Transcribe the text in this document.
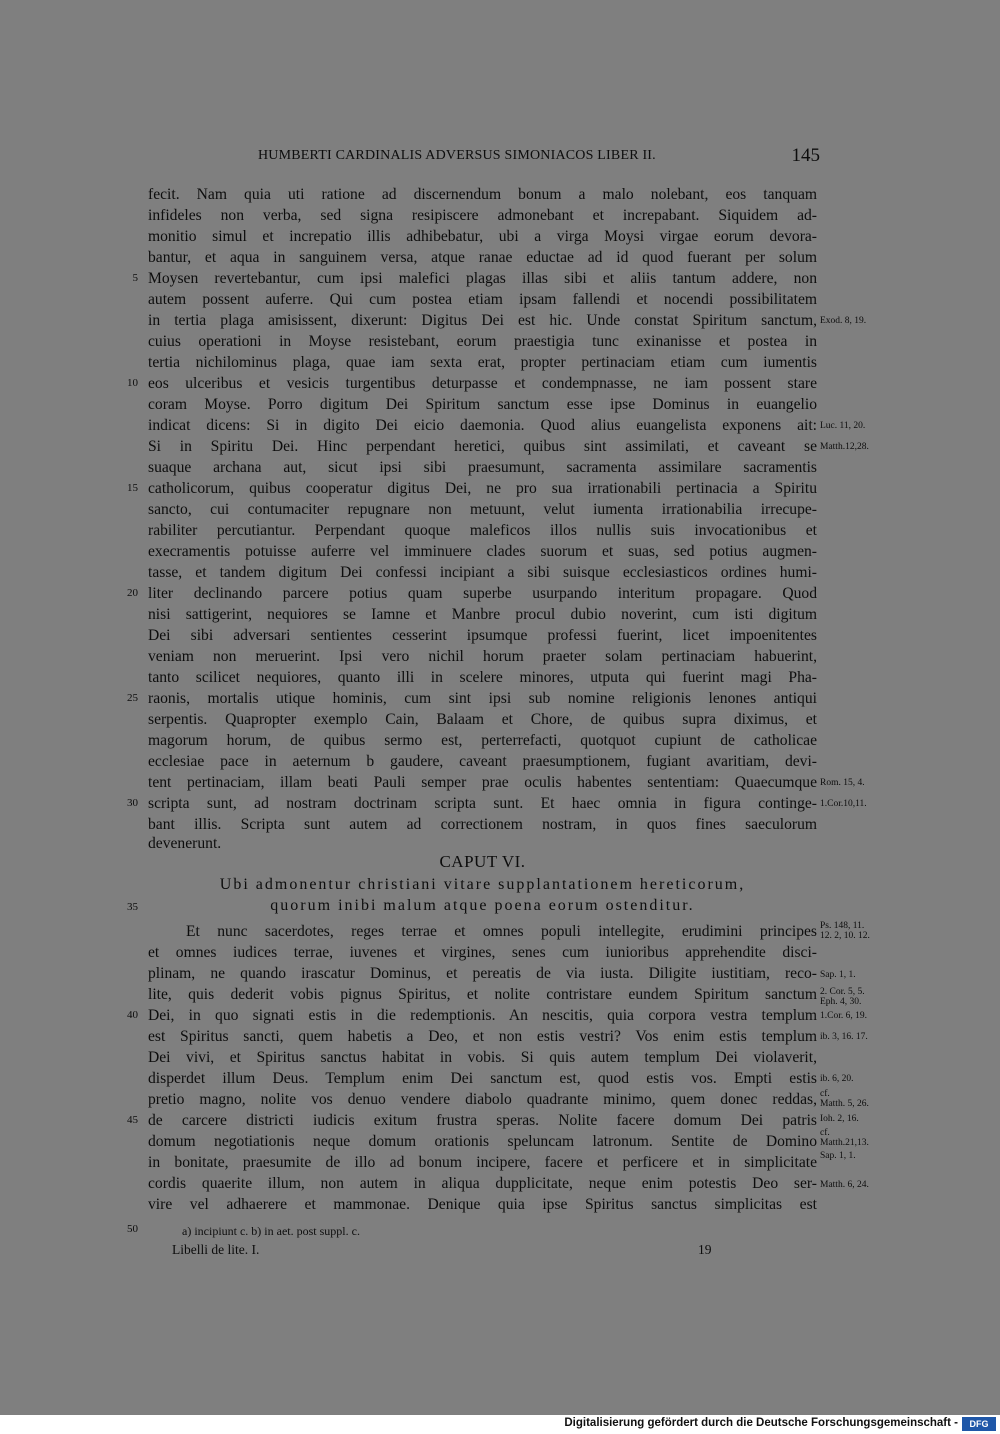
HUMBERTI CARDINALIS ADVERSUS SIMONIACOS LIBER II.	145
fecit. Nam quia uti ratione ad discernendum bonum a malo nolebant, eos tanquam
infideles non verba, sed signa resipiscere admonebant et increpabant. Siquidem ad-
monitio simul et increpatio illis adhibebatur, ubi a virga Moysi virgae eorum devora-
bantur, et aqua in sanguinem versa, atque ranae eductae ad id quod fuerant per solum
Moysen revertebantur, cum ipsi malefici plagas illas sibi et aliis tantum addere, non
autem possent auferre. Qui cum postea etiam ipsam fallendi et nocendi possibilitatem
in tertia plaga amisissent, dixerunt: Digitus Dei est hic. Unde constat Spiritum sanctum,
cuius operationi in Moyse resistebant, eorum praestigia tunc exinanisse et postea in
tertia nichilominus plaga, quae iam sexta erat, propter pertinaciam etiam cum iumentis
eos ulceribus et vesicis turgentibus deturpasse et condempnasse, ne iam possent stare
coram Moyse. Porro digitum Dei Spiritum sanctum esse ipse Dominus in euangelio
indicat dicens: Si in digito Dei eicio daemonia. Quod alius euangelista exponens ait:
Si in Spiritu Dei. Hinc perpendant heretici, quibus sint assimilati, et caveant se
suaque archana aut, sicut ipsi sibi praesumunt, sacramenta assimilare sacramentis
catholicorum, quibus cooperatur digitus Dei, ne pro sua irrationabili pertinacia a Spiritu
sancto, cui contumaciter repugnare non metuunt, velut iumenta irrationabilia irrecupe-
rabiliter percutiantur. Perpendant quoque maleficos illos nullis suis invocationibus et
execramentis potuisse auferre vel imminuere clades suorum et suas, sed potius augmen-
tasse, et tandem digitum Dei confessi incipiant a sibi suisque ecclesiasticos ordines humi-
liter declinando parcere potius quam superbe usurpando interitum propagare. Quod
nisi sattigerint, nequiores se Iamne et Manbre procul dubio noverint, cum isti digitum
Dei sibi adversari sentientes cesserint ipsumque professi fuerint, licet impoenitentes
veniam non meruerint. Ipsi vero nichil horum praeter solam pertinaciam habuerint,
tanto scilicet nequiores, quanto illi in scelere minores, utputa qui fuerint magi Pha-
raonis, mortalis utique hominis, cum sint ipsi sub nomine religionis lenones antiqui
serpentis. Quapropter exemplo Cain, Balaam et Chore, de quibus supra diximus, et
magorum horum, de quibus sermo est, perterrefacti, quotquot cupiunt de catholicae
ecclesiae pace in aeternum b gaudere, caveant praesumptionem, fugiant avaritiam, devi-
tent pertinaciam, illam beati Pauli semper prae oculis habentes sententiam: Quaecumque
scripta sunt, ad nostram doctrinam scripta sunt. Et haec omnia in figura continge-
bant illis. Scripta sunt autem ad correctionem nostram, in quos fines saeculorum
devenerunt.
CAPUT VI.
Ubi admonentur christiani vitare supplantationem hereticorum,
quorum inibi malum atque poena eorum ostenditur.
Et nunc sacerdotes, reges terrae et omnes populi intellegite, erudimini principes
et omnes iudices terrae, iuvenes et virgines, senes cum iunioribus apprehendite disci-
plinam, ne quando irascatur Dominus, et pereatis de via iusta. Diligite iustitiam, reco-
lite, quis dederit vobis pignus Spiritus, et nolite contristare eundem Spiritum sanctum
Dei, in quo signati estis in die redemptionis. An nescitis, quia corpora vestra templum
est Spiritus sancti, quem habetis a Deo, et non estis vestri? Vos enim estis templum
Dei vivi, et Spiritus sanctus habitat in vobis. Si quis autem templum Dei violaverit,
disperdet illum Deus. Templum enim Dei sanctum est, quod estis vos. Empti estis
pretio magno, nolite vos denuo vendere diabolo quadrante minimo, quem donec reddas,
de carcere districti iudicis exitum frustra speras. Nolite facere domum Dei patris
domum negotiationis neque domum orationis speluncam latronum. Sentite de Domino
in bonitate, praesumite de illo ad bonum incipere, facere et perficere et in simplicitate
cordis quaerite illum, non autem in aliqua dupplicitate, neque enim potestis Deo ser-
vire vel adhaerere et mammonae. Denique quia ipse Spiritus sanctus simplicitas est
5
10
15
20
25
30
35
40
45
50
Exod. 8, 19.
Luc. 11, 20.
Matth.12,28.
Rom. 15, 4.
1.Cor.10,11.
Ps. 148, 11.
12. 2, 10. 12.
Sap. 1, 1.
2. Cor. 5, 5.
Eph. 4, 30.
1.Cor. 6, 19.
ib. 3, 16. 17.
ib. 6, 20.
cf.
Matth. 5, 26.
Ioh. 2, 16.
cf.
Matth.21,13.
Sap. 1, 1.
Matth. 6, 24.
a) incipiunt c. b) in aet. post suppl. c.
Libelli de lite. I.	19
Digitalisierung gefördert durch die Deutsche Forschungsgemeinschaft -	DFG
